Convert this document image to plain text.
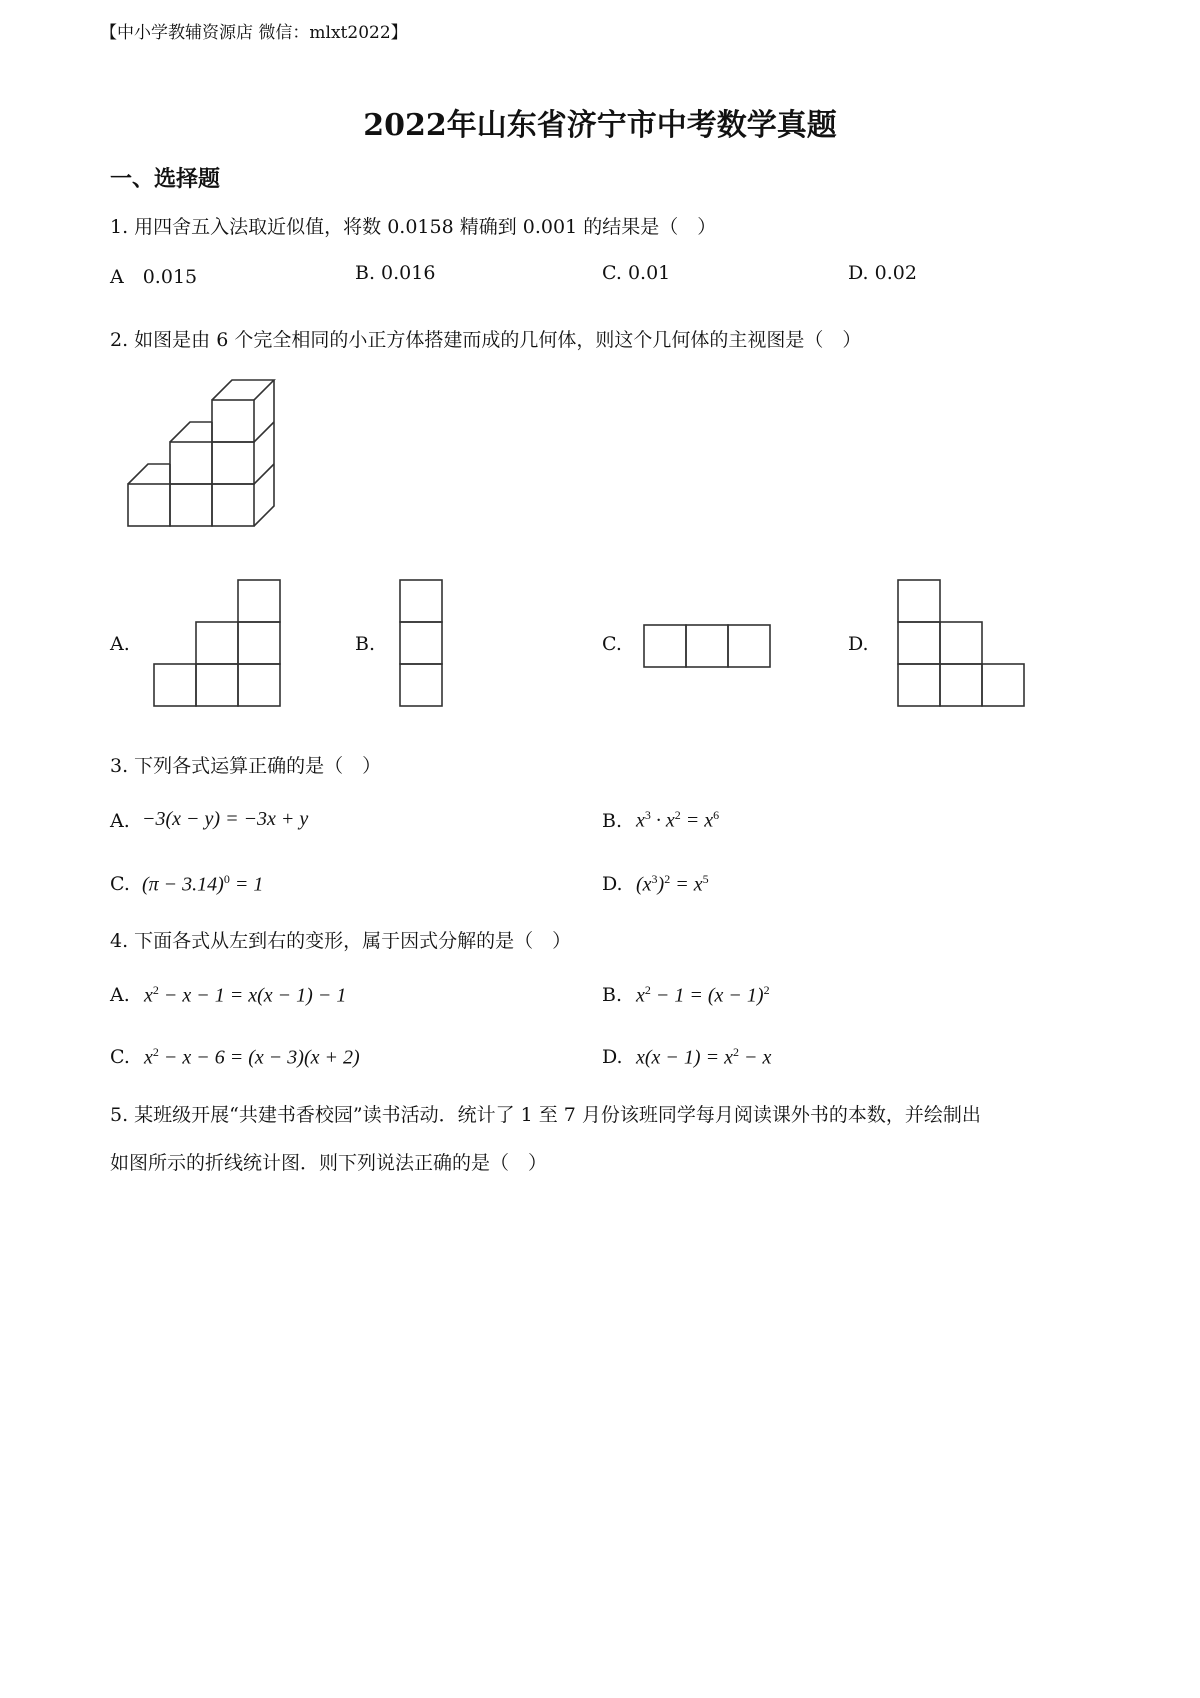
【中小学教辅资源店 微信：mlxt2022】
2022年山东省济宁市中考数学真题
一、选择题
1. 用四舍五入法取近似值，将数 0.0158 精确到 0.001 的结果是（　）
A　0.015	B. 0.016	C. 0.01	D. 0.02
2. 如图是由 6 个完全相同的小正方体搭建而成的几何体，则这个几何体的主视图是（　）
A.	B.	C.	D.
3. 下列各式运算正确的是（　）
A. −3(x − y) = −3x + y	B. $x^3 \cdot x^2 = x^6$
C. $(\pi - 3.14)^0 = 1$	D. $(x^3)^2 = x^5$
4. 下面各式从左到右的变形，属于因式分解的是（　）
A. $x^2 - x - 1 = x(x - 1) - 1$	B. $x^2 - 1 = (x - 1)^2$
C. $x^2 - x - 6 = (x - 3)(x + 2)$	D. $x(x - 1) = x^2 - x$
5. 某班级开展“共建书香校园”读书活动．统计了 1 至 7 月份该班同学每月阅读课外书的本数，并绘制出
如图所示的折线统计图．则下列说法正确的是（　）
